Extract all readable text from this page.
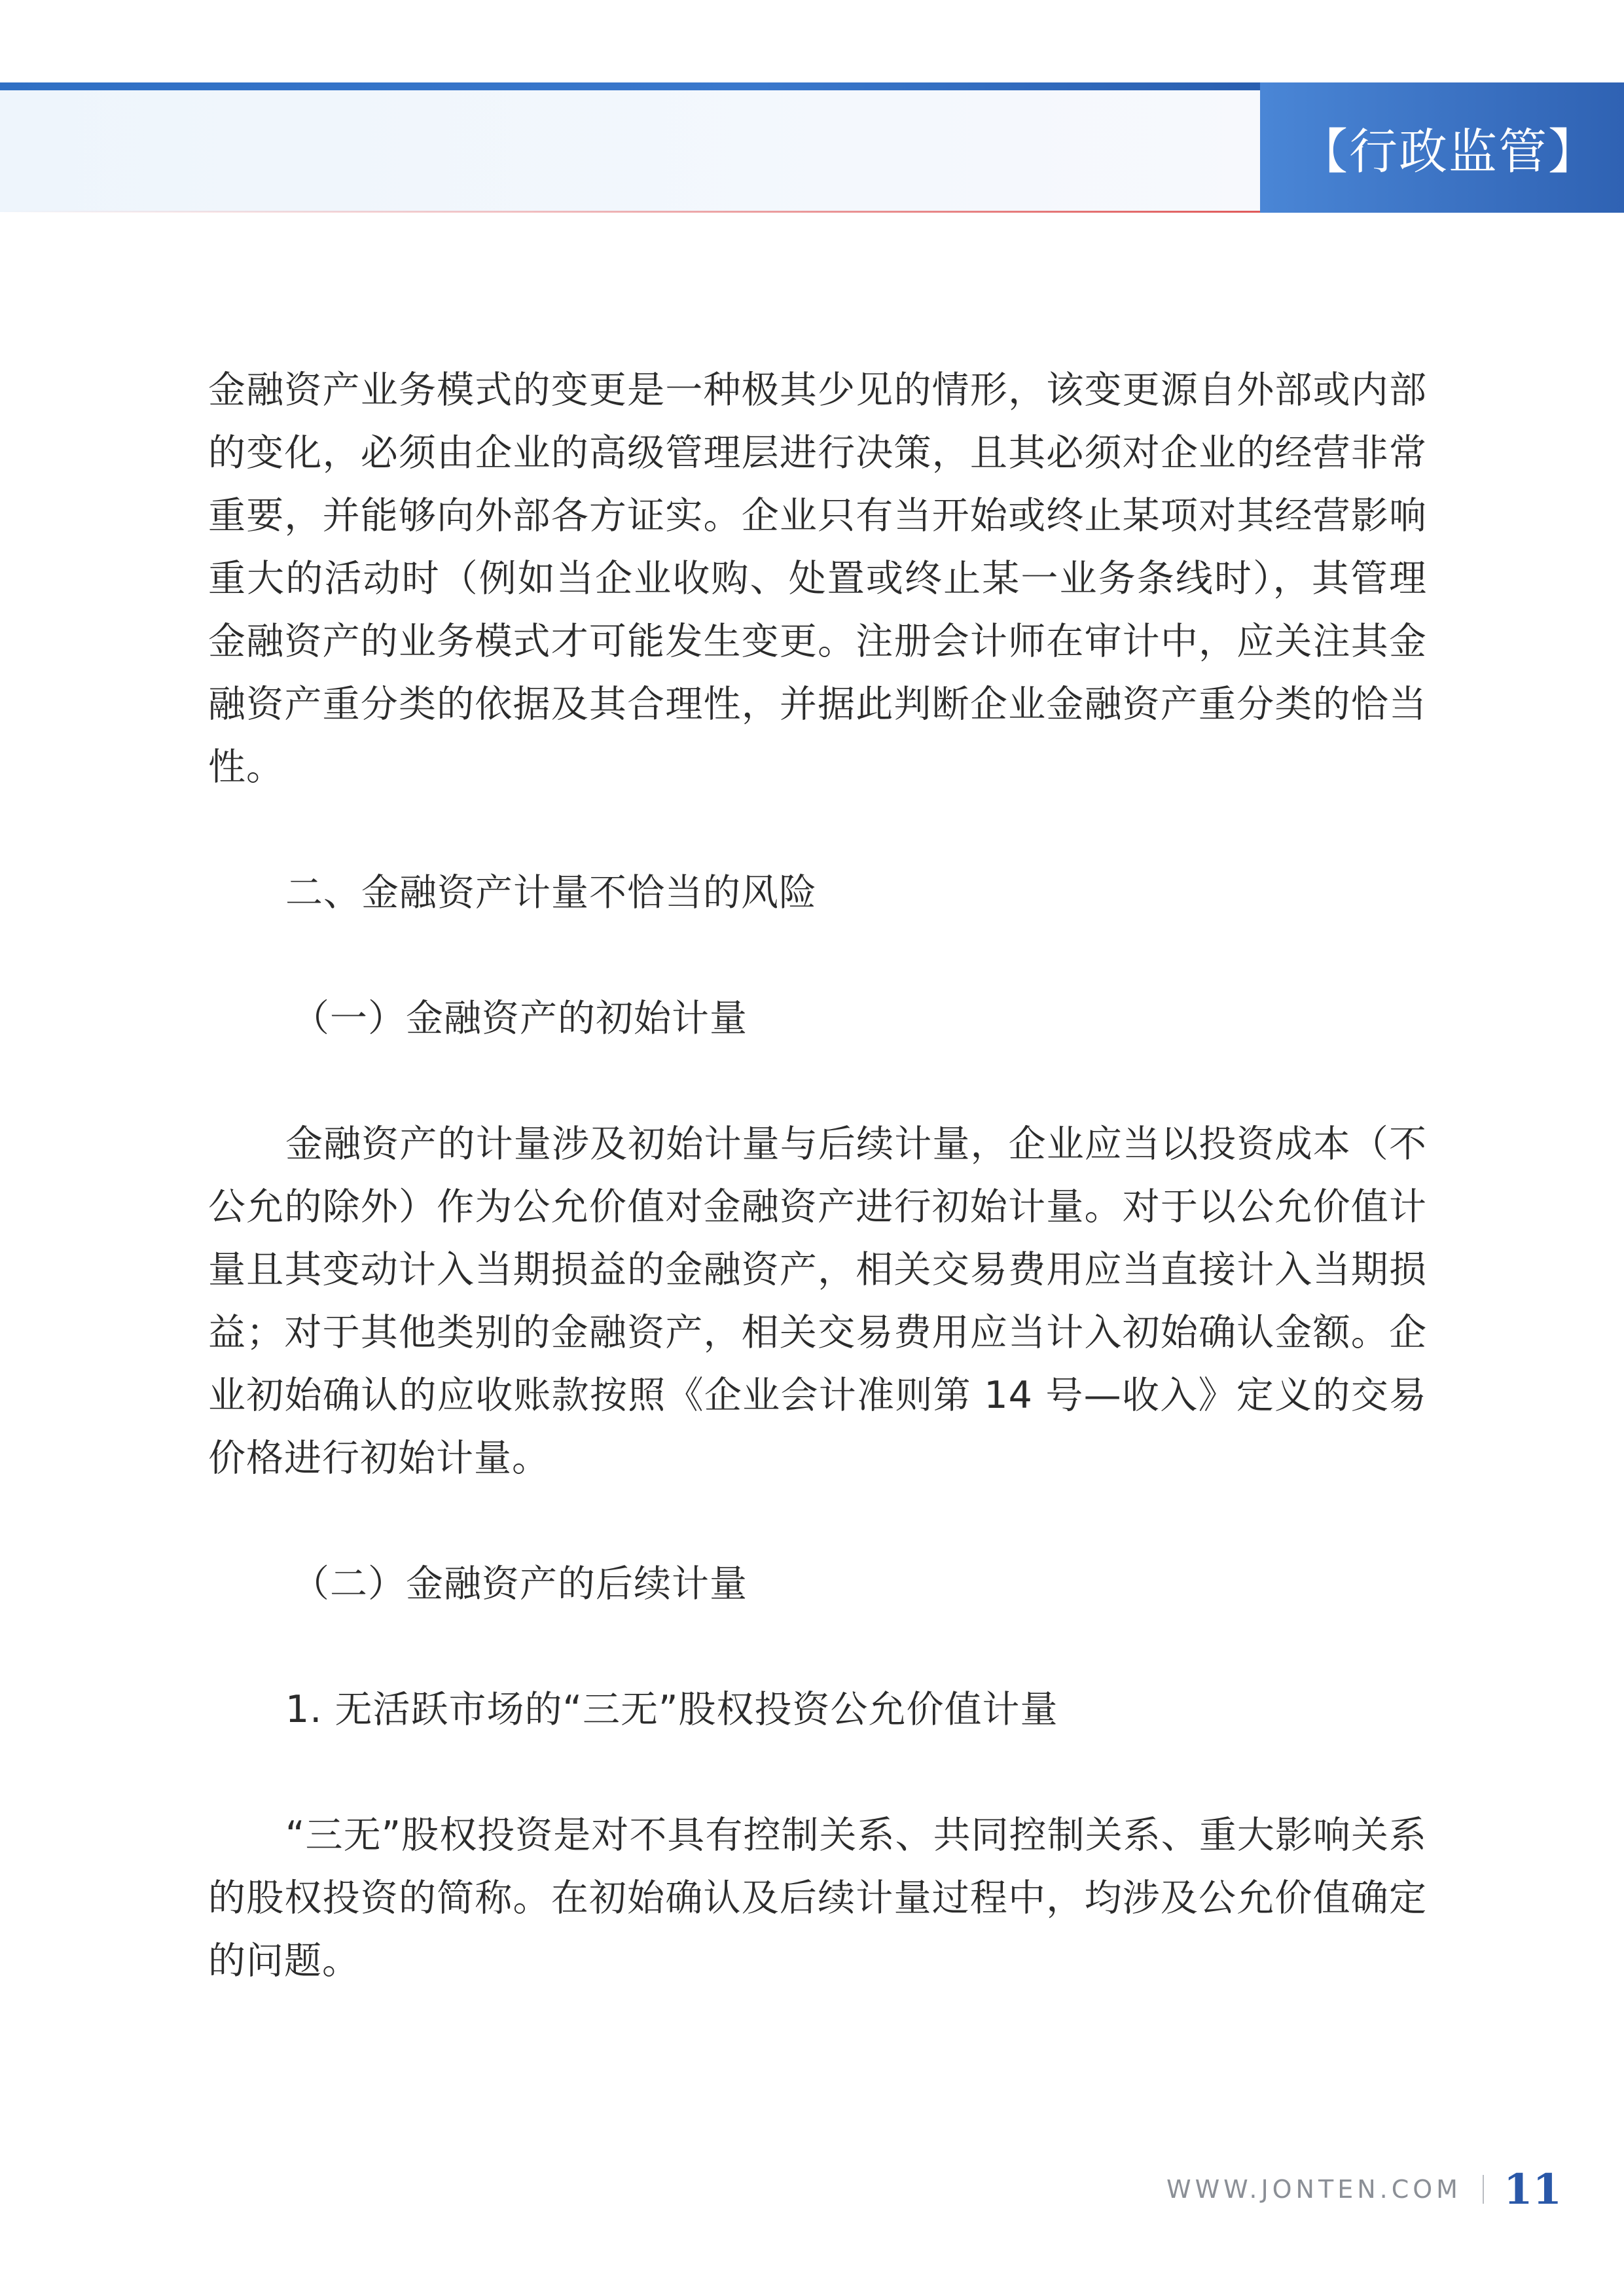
【行政监管】

金融资产业务模式的变更是一种极其少见的情形，该变更源自外部或内部的变化，必须由企业的高级管理层进行决策，且其必须对企业的经营非常重要，并能够向外部各方证实。企业只有当开始或终止某项对其经营影响重大的活动时（例如当企业收购、处置或终止某一业务条线时），其管理金融资产的业务模式才可能发生变更。注册会计师在审计中，应关注其金融资产重分类的依据及其合理性，并据此判断企业金融资产重分类的恰当性。

二、金融资产计量不恰当的风险

（一）金融资产的初始计量

金融资产的计量涉及初始计量与后续计量，企业应当以投资成本（不公允的除外）作为公允价值对金融资产进行初始计量。对于以公允价值计量且其变动计入当期损益的金融资产，相关交易费用应当直接计入当期损益；对于其他类别的金融资产，相关交易费用应当计入初始确认金额。企业初始确认的应收账款按照《企业会计准则第 14 号—收入》定义的交易价格进行初始计量。

（二）金融资产的后续计量

1. 无活跃市场的“三无”股权投资公允价值计量

“三无”股权投资是对不具有控制关系、共同控制关系、重大影响关系的股权投资的简称。在初始确认及后续计量过程中，均涉及公允价值确定的问题。

WWW.JONTEN.COM 11
